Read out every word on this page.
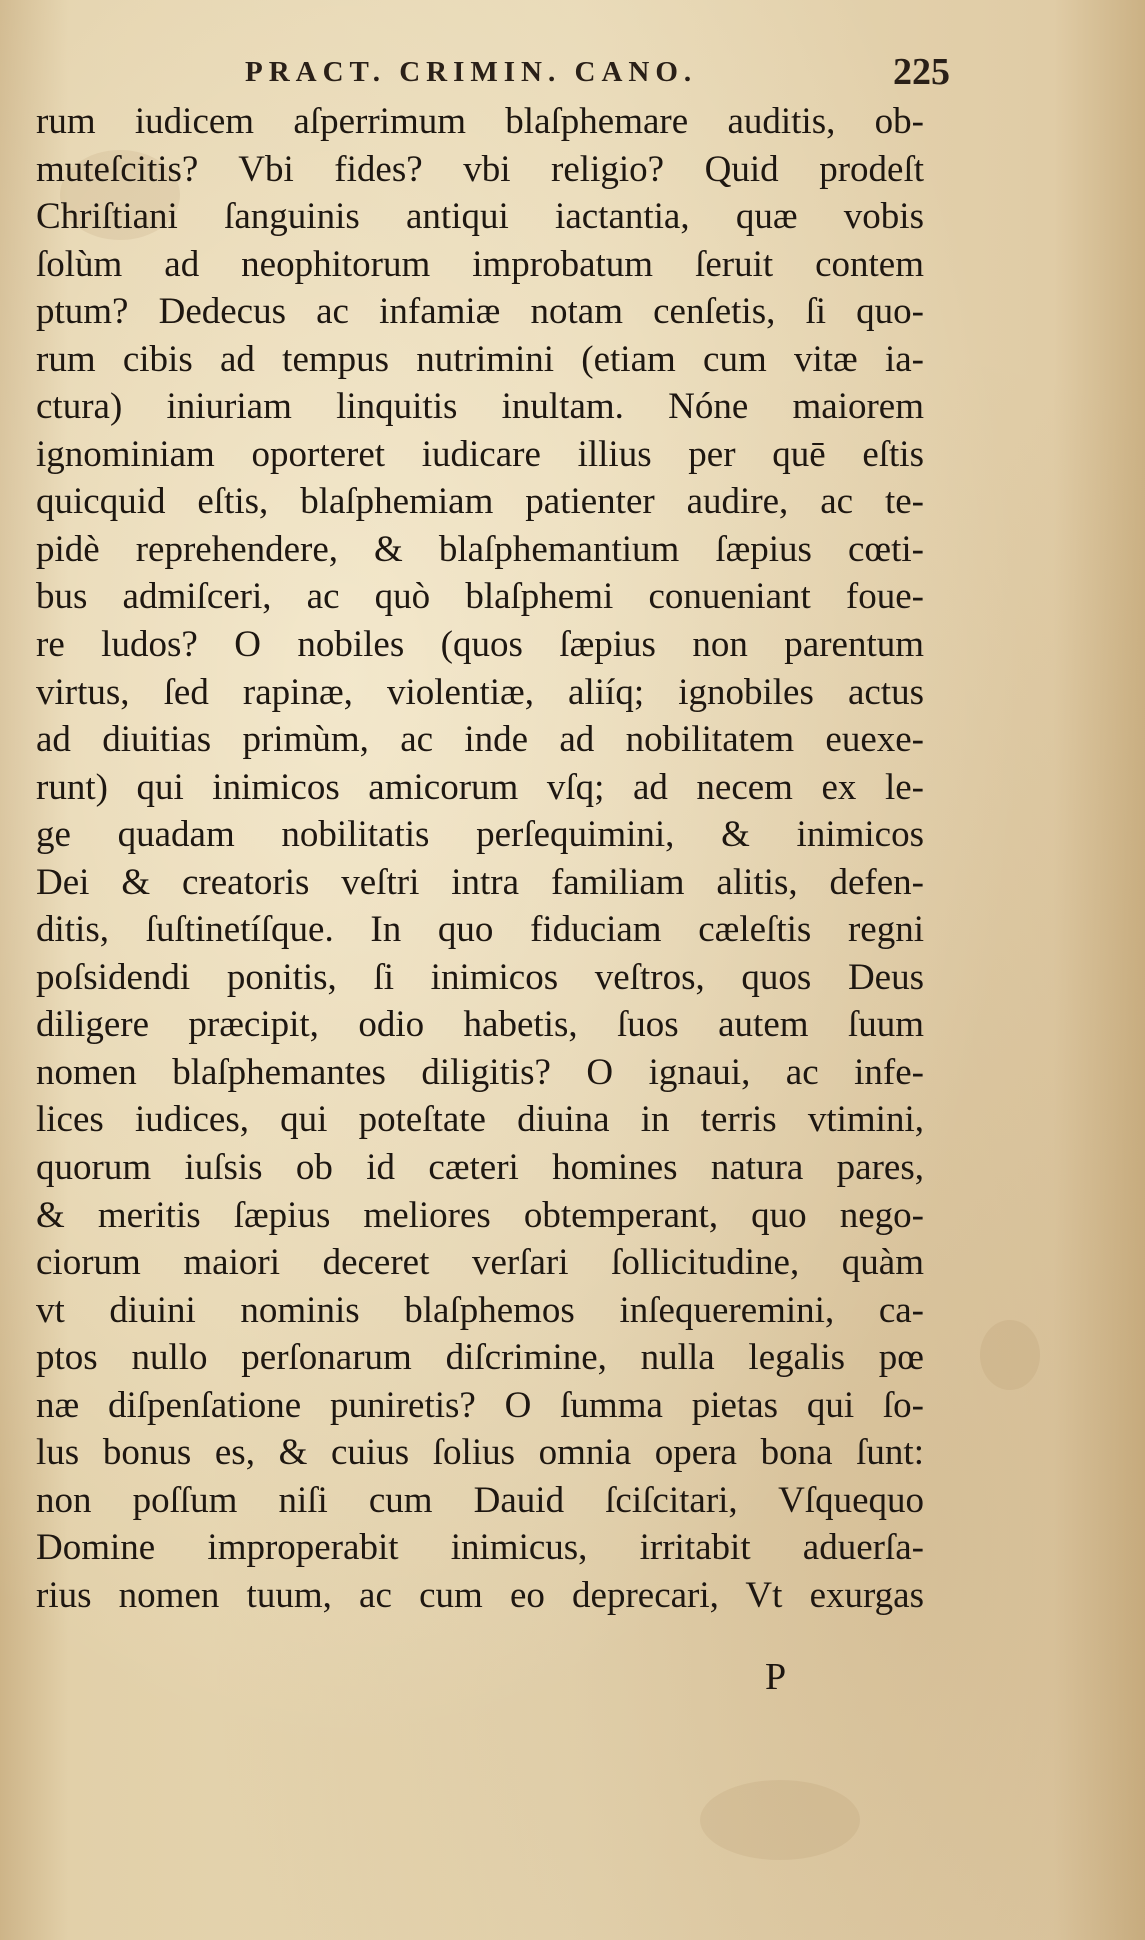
PRACT. CRIMIN. CANO.	225
rum iudicem aſperrimum blaſphemare auditis, ob-
muteſcitis? Vbi fides? vbi religio? Quid prodeſt
Chriſtiani ſanguinis antiqui iactantia, quæ vobis
ſolùm ad neophitorum improbatum ſeruit contem
ptum? Dedecus ac infamiæ notam cenſetis, ſi quo-
rum cibis ad tempus nutrimini (etiam cum vitæ ia-
ctura) iniuriam linquitis inultam. Nóne maiorem
ignominiam oporteret iudicare illius per quē eſtis
quicquid eſtis, blaſphemiam patienter audire, ac te-
pidè reprehendere, & blaſphemantium ſæpius cœti-
bus admiſceri, ac quò blaſphemi conueniant foue-
re ludos? O nobiles (quos ſæpius non parentum
virtus, ſed rapinæ, violentiæ, aliíq; ignobiles actus
ad diuitias primùm, ac inde ad nobilitatem euexe-
runt) qui inimicos amicorum vſq; ad necem ex le-
ge quadam nobilitatis perſequimini, & inimicos
Dei & creatoris veſtri intra familiam alitis, defen-
ditis, ſuſtinetíſque. In quo fiduciam cæleſtis regni
poſsidendi ponitis, ſi inimicos veſtros, quos Deus
diligere præcipit, odio habetis, ſuos autem ſuum
nomen blaſphemantes diligitis? O ignaui, ac infe-
lices iudices, qui poteſtate diuina in terris vtimini,
quorum iuſsis ob id cæteri homines natura pares,
& meritis ſæpius meliores obtemperant, quo nego-
ciorum maiori deceret verſari ſollicitudine, quàm
vt diuini nominis blaſphemos inſequeremini, ca-
ptos nullo perſonarum diſcrimine, nulla legalis pœ
næ diſpenſatione puniretis? O ſumma pietas qui ſo-
lus bonus es, & cuius ſolius omnia opera bona ſunt:
non poſſum niſi cum Dauid ſciſcitari, Vſquequo
Domine improperabit inimicus, irritabit aduerſa-
rius nomen tuum, ac cum eo deprecari, Vt exurgas
P
